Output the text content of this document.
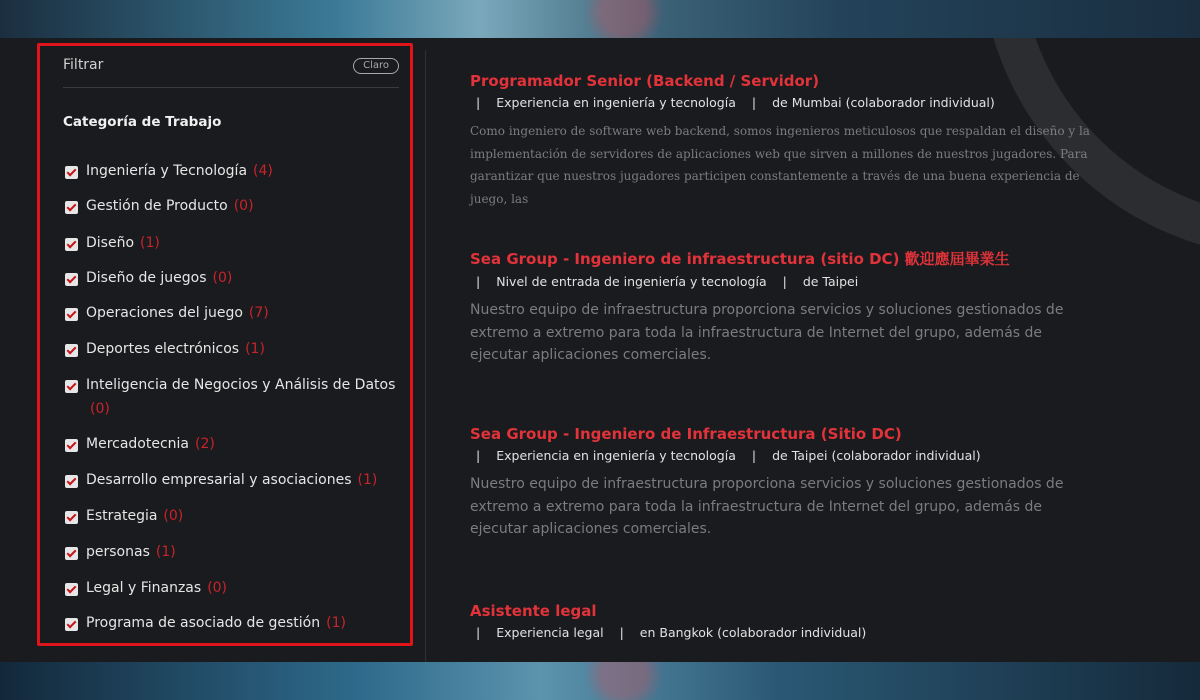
Filtrar	Claro
Categoría de Trabajo
Ingeniería y Tecnología (4)
Gestión de Producto (0)
Diseño (1)
Diseño de juegos (0)
Operaciones del juego (7)
Deportes electrónicos (1)
Inteligencia de Negocios y Análisis de Datos
(0)
Mercadotecnia (2)
Desarrollo empresarial y asociaciones (1)
Estrategia (0)
personas (1)
Legal y Finanzas (0)
Programa de asociado de gestión (1)
Programador Senior (Backend / Servidor)
| Experiencia en ingeniería y tecnología | de Mumbai (colaborador individual)
Como ingeniero de software web backend, somos ingenieros meticulosos que respaldan el diseño y la implementación de servidores de aplicaciones web que sirven a millones de nuestros jugadores. Para garantizar que nuestros jugadores participen constantemente a través de una buena experiencia de juego, las
Sea Group - Ingeniero de infraestructura (sitio DC) 歡迎應屆畢業生
| Nivel de entrada de ingeniería y tecnología | de Taipei
Nuestro equipo de infraestructura proporciona servicios y soluciones gestionados de extremo a extremo para toda la infraestructura de Internet del grupo, además de ejecutar aplicaciones comerciales.
Sea Group - Ingeniero de Infraestructura (Sitio DC)
| Experiencia en ingeniería y tecnología | de Taipei (colaborador individual)
Nuestro equipo de infraestructura proporciona servicios y soluciones gestionados de extremo a extremo para toda la infraestructura de Internet del grupo, además de ejecutar aplicaciones comerciales.
Asistente legal
| Experiencia legal | en Bangkok (colaborador individual)
